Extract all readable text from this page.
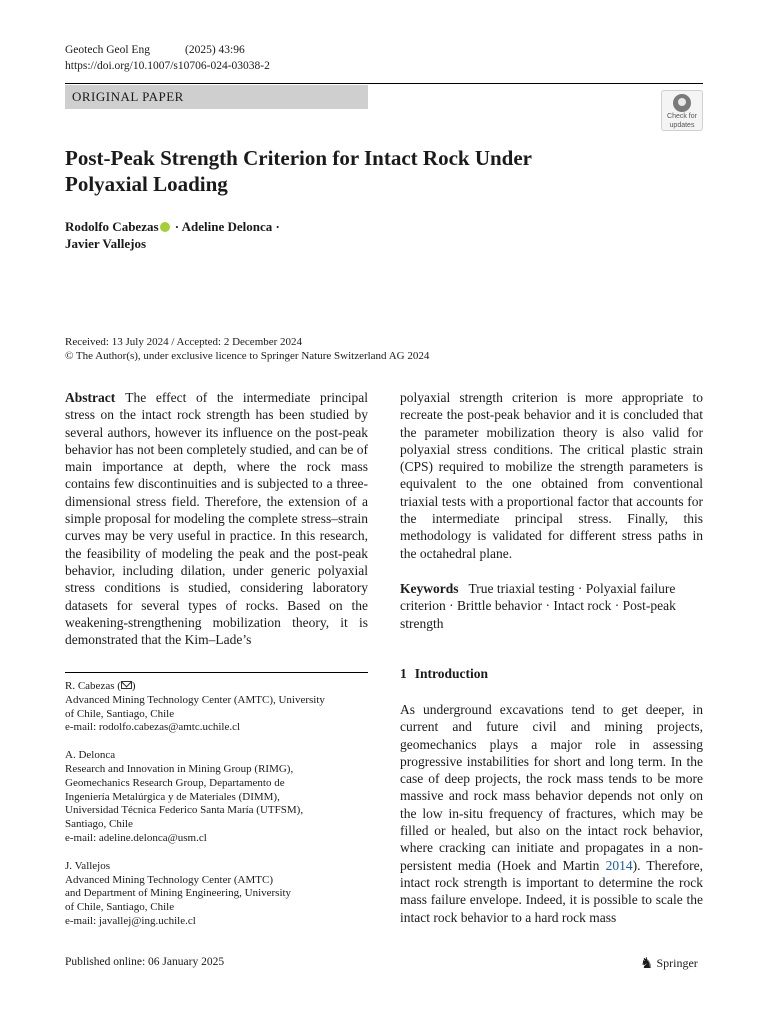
Geotech Geol Eng	(2025) 43:96
https://doi.org/10.1007/s10706-024-03038-2
ORIGINAL PAPER
Check for
updates
Post-Peak Strength Criterion for Intact Rock Under
Polyaxial Loading
Rodolfo Cabezas · Adeline Delonca ·
Javier Vallejos
Received: 13 July 2024 / Accepted: 2 December 2024
© The Author(s), under exclusive licence to Springer Nature Switzerland AG 2024
Abstract The effect of the intermediate principal stress on the intact rock strength has been studied by several authors, however its influence on the post-peak behavior has not been completely studied, and can be of main importance at depth, where the rock mass contains few discontinuities and is subjected to a three-dimensional stress field. Therefore, the extension of a simple proposal for modeling the complete stress–strain curves may be very useful in practice. In this research, the feasibility of modeling the peak and the post-peak behavior, including dilation, under generic polyaxial stress conditions is studied, considering laboratory datasets for several types of rocks. Based on the weakening-strengthening mobilization theory, it is demonstrated that the Kim–Lade’s
polyaxial strength criterion is more appropriate to recreate the post-peak behavior and it is concluded that the parameter mobilization theory is also valid for polyaxial stress conditions. The critical plastic strain (CPS) required to mobilize the strength parameters is equivalent to the one obtained from conventional triaxial tests with a proportional factor that accounts for the intermediate principal stress. Finally, this methodology is validated for different stress paths in the octahedral plane.
Keywords True triaxial testing · Polyaxial failure criterion · Brittle behavior · Intact rock · Post-peak strength
R. Cabezas ( )
Advanced Mining Technology Center (AMTC), University
of Chile, Santiago, Chile
e-mail: rodolfo.cabezas@amtc.uchile.cl
A. Delonca
Research and Innovation in Mining Group (RIMG),
Geomechanics Research Group, Departamento de
Ingeniería Metalúrgica y de Materiales (DIMM),
Universidad Técnica Federico Santa María (UTFSM),
Santiago, Chile
e-mail: adeline.delonca@usm.cl
J. Vallejos
Advanced Mining Technology Center (AMTC)
and Department of Mining Engineering, University
of Chile, Santiago, Chile
e-mail: javallej@ing.uchile.cl
1 Introduction
As underground excavations tend to get deeper, in current and future civil and mining projects, geomechanics plays a major role in assessing progressive instabilities for short and long term. In the case of deep projects, the rock mass tends to be more massive and rock mass behavior depends not only on the low in-situ frequency of fractures, which may be filled or healed, but also on the intact rock behavior, where cracking can initiate and propagates in a non-persistent media (Hoek and Martin 2014). Therefore, intact rock strength is important to determine the rock mass failure envelope. Indeed, it is possible to scale the intact rock behavior to a hard rock mass
Published online: 06 January 2025	♞ Springer
